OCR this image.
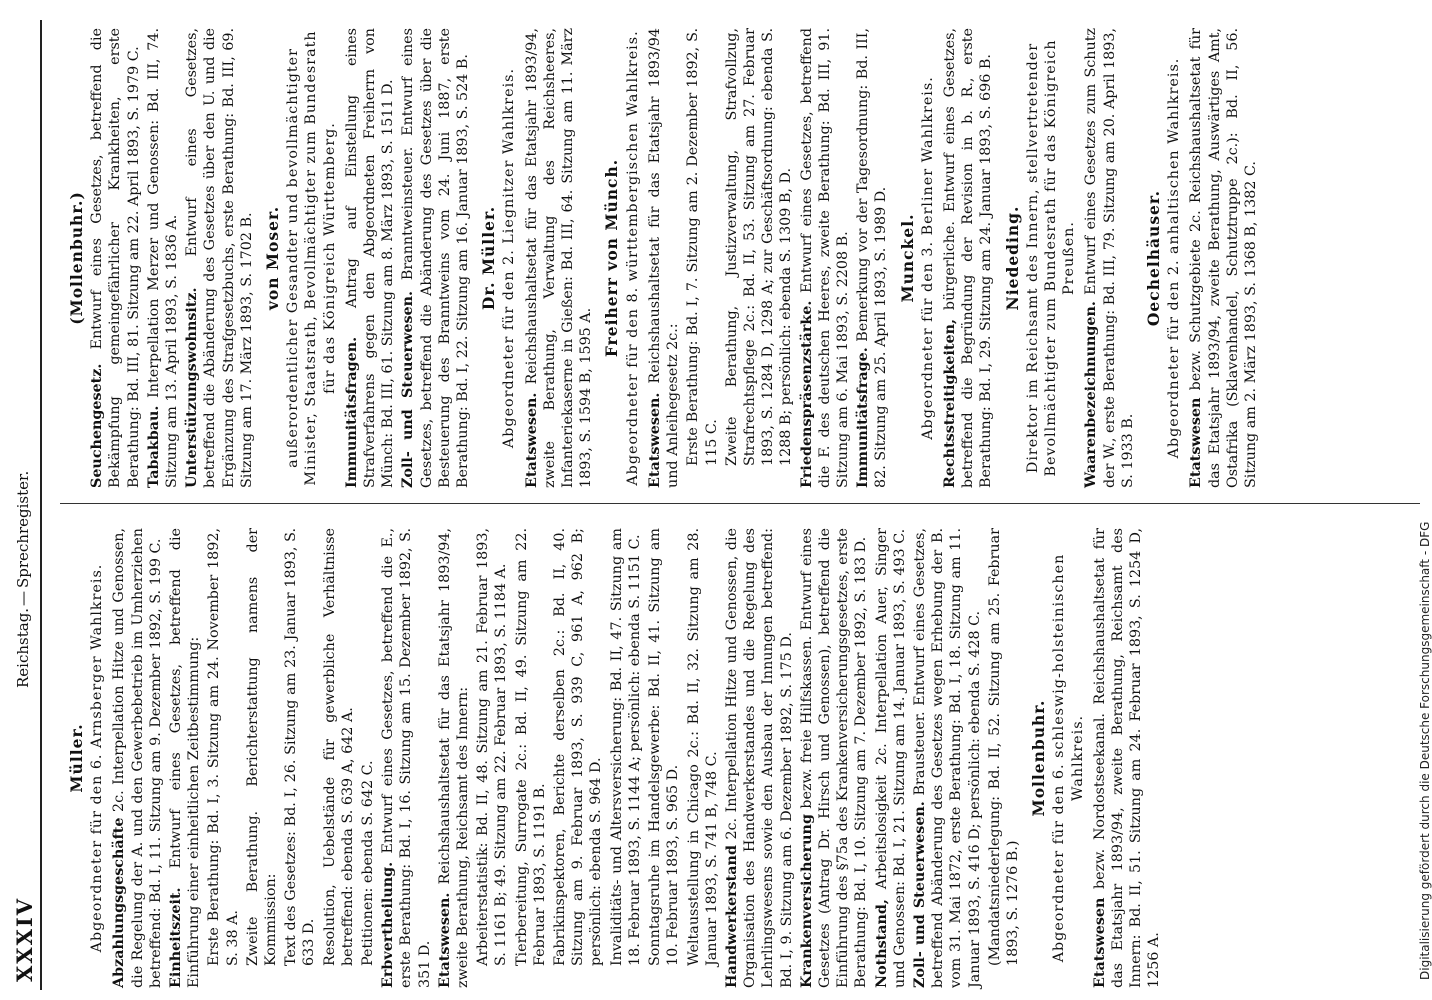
XXXIV
Reichstag.
—
Sprechregister.
Müller. Abgeordneter für den 6. Arnsberger Wahlkreis. Abzahlungsgeschäfte 2c. Interpellation Hitze und Genossen, die Regelung der A. und den Gewerbebetrieb im Umherziehen betreffend: Bd. I, 11. Sitzung am 9. Dezember 1892, S. 199 C. Einheitszeit. Entwurf eines Gesetzes, betreffend die Einführung einer einheitlichen Zeitbestimmung: Erste Berathung: Bd. I, 3. Sitzung am 24. November 1892, S. 38 A. Zweite Berathung. Berichterstattung namens der Kommission: Text des Gesetzes: Bd. I, 26. Sitzung am 23. Januar 1893, S. 633 D. Resolution, Uebelstände für gewerbliche Verhältnisse betreffend: ebenda S. 639 A, 642 A. Petitionen: ebenda S. 642 C. Erbvertheilung. Entwurf eines Gesetzes, betreffend die E., erste Berathung: Bd. I, 16. Sitzung am 15. Dezember 1892, S. 351 D. Etatswesen. Reichshaushaltsetat für das Etatsjahr 1893/94, zweite Berathung, Reichsamt des Innern: Arbeiterstatistik: Bd. II, 48. Sitzung am 21. Februar 1893, S. 1161 B; 49. Sitzung am 22. Februar 1893, S. 1184 A. Tierbereitung, Surrogate 2c.: Bd. II, 49. Sitzung am 22. Februar 1893, S. 1191 B. Fabrikinspektoren, Berichte derselben 2c.: Bd. II, 40. Sitzung am 9. Februar 1893, S. 939 C, 961 A, 962 B; persönlich: ebenda S. 964 D. Invaliditäts- und Altersversicherung: Bd. II, 47. Sitzung am 18. Februar 1893, S. 1144 A; persönlich: ebenda S. 1151 C. Sonntagsruhe im Handelsgewerbe: Bd. II, 41. Sitzung am 10. Februar 1893, S. 965 D. Weltausstellung in Chicago 2c.: Bd. II, 32. Sitzung am 28. Januar 1893, S. 741 B, 748 C. Handwerkerstand 2c. Interpellation Hitze und Genossen, die Organisation des Handwerkerstandes und die Regelung des Lehrlingswesens sowie den Ausbau der Innungen betreffend: Bd. I, 9. Sitzung am 6. Dezember 1892, S. 175 D. Krankenversicherung bezw. freie Hilfskassen. Entwurf eines Gesetzes (Antrag Dr. Hirsch und Genossen), betreffend die Einführung des §75a des Krankenversicherungsgesetzes, erste Berathung: Bd. I, 10. Sitzung am 7. Dezember 1892, S. 183 D. Nothstand, Arbeitslosigkeit 2c. Interpellation Auer, Singer und Genossen: Bd. I, 21. Sitzung am 14. Januar 1893, S. 493 C. Zoll- und Steuerwesen. Brausteuer. Entwurf eines Gesetzes, betreffend Abänderung des Gesetzes wegen Erhebung der B. vom 31. Mai 1872, erste Berathung: Bd. I, 18. Sitzung am 11. Januar 1893, S. 416 D; persönlich: ebenda S. 428 C. (Mandatsniederlegung: Bd. II, 52. Sitzung am 25. Februar 1893, S. 1276 B.)
Mollenbuhr. Abgeordneter für den 6. schleswig-holsteinischen Wahlkreis.
Etatswesen bezw. Nordostseekanal. Reichshaushaltsetat für das Etatsjahr 1893/94, zweite Berathung, Reichsamt des Innern: Bd. II, 51. Sitzung am 24. Februar 1893, S. 1254 D, 1256 A.
(Mollenbuhr.)
Seuchengesetz. Entwurf eines Gesetzes, betreffend die Bekämpfung gemeingefährlicher Krankheiten, erste Berathung: Bd. III, 81. Sitzung am 22. April 1893, S. 1979 C. Tabakbau. Interpellation Merzer und Genossen: Bd. III, 74. Sitzung am 13. April 1893, S. 1836 A. Unterstützungswohnsitz. Entwurf eines Gesetzes, betreffend die Abänderung des Gesetzes über den U. und die Ergänzung des Strafgesetzbuchs, erste Berathung: Bd. III, 69. Sitzung am 17. März 1893, S. 1702 B. von Moser. außerordentlicher Gesandter und bevollmächtigter Minister, Staatsrath, Bevollmächtigter zum Bundesrath für das Königreich Württemberg.
Immunitätsfragen. Antrag auf Einstellung eines Strafverfahrens gegen den Abgeordneten Freiherrn von Münch: Bd. III, 61. Sitzung am 8. März 1893, S. 1511 D. Zoll- und Steuerwesen. Branntweinsteuer. Entwurf eines Gesetzes, betreffend die Abänderung des Gesetzes über die Besteuerung des Branntweins vom 24. Juni 1887, erste Berathung: Bd. I, 22. Sitzung am 16. Januar 1893, S. 524 B. Dr. Müller. Abgeordneter für den 2. Liegnitzer Wahlkreis. Etatswesen. Reichshaushaltsetat für das Etatsjahr 1893/94, zweite Berathung, Verwaltung des Reichsheeres, Infanteriekaserne in Gießen: Bd. III, 64. Sitzung am 11. März 1893, S. 1594 B, 1595 A.
Freiherr von Münch. Abgeordneter für den 8. württembergischen Wahlkreis. Etatswesen. Reichshaushaltsetat für das Etatsjahr 1893/94 und Anleihegesetz 2c.: Erste Berathung: Bd. I, 7. Sitzung am 2. Dezember 1892, S. 115 C. Zweite Berathung, Justizverwaltung, Strafvollzug, Strafrechtspflege 2c.: Bd. II, 53. Sitzung am 27. Februar 1893, S. 1284 D, 1298 A; zur Geschäftsordnung: ebenda S. 1288 B; persönlich: ebenda S. 1309 B, D. Friedenspräsenzstärke. Entwurf eines Gesetzes, betreffend die F. des deutschen Heeres, zweite Berathung: Bd. III, 91. Sitzung am 6. Mai 1893, S. 2208 B. Immunitätsfrage. Bemerkung vor der Tagesordnung: Bd. III, 82. Sitzung am 25. April 1893, S. 1989 D. Munckel. Abgeordneter für den 3. Berliner Wahlkreis. Rechtsstreitigkeiten, bürgerliche. Entwurf eines Gesetzes, betreffend die Begründung der Revision in b. R., erste Berathung: Bd. I, 29. Sitzung am 24. Januar 1893, S. 696 B. Niededing. Direktor im Reichsamt des Innern, stellvertretender Bevollmächtigter zum Bundesrath für das Königreich Preußen.
Waarenbezeichnungen. Entwurf eines Gesetzes zum Schutz der W., erste Berathung: Bd. III, 79. Sitzung am 20. April 1893, S. 1933 B.
Oechelhäuser. Abgeordneter für den 2. anhaltischen Wahlkreis. Etatswesen bezw. Schutzgebiete 2c. Reichshaushaltsetat für das Etatsjahr 1893/94, zweite Berathung, Auswärtiges Amt, Ostafrika (Sklavenhandel, Schutztruppe 2c.): Bd. II, 56. Sitzung am 2. März 1893, S. 1368 B, 1382 C.
Digitalisierung gefördert durch die Deutsche Forschungsgemeinschaft - DFG
